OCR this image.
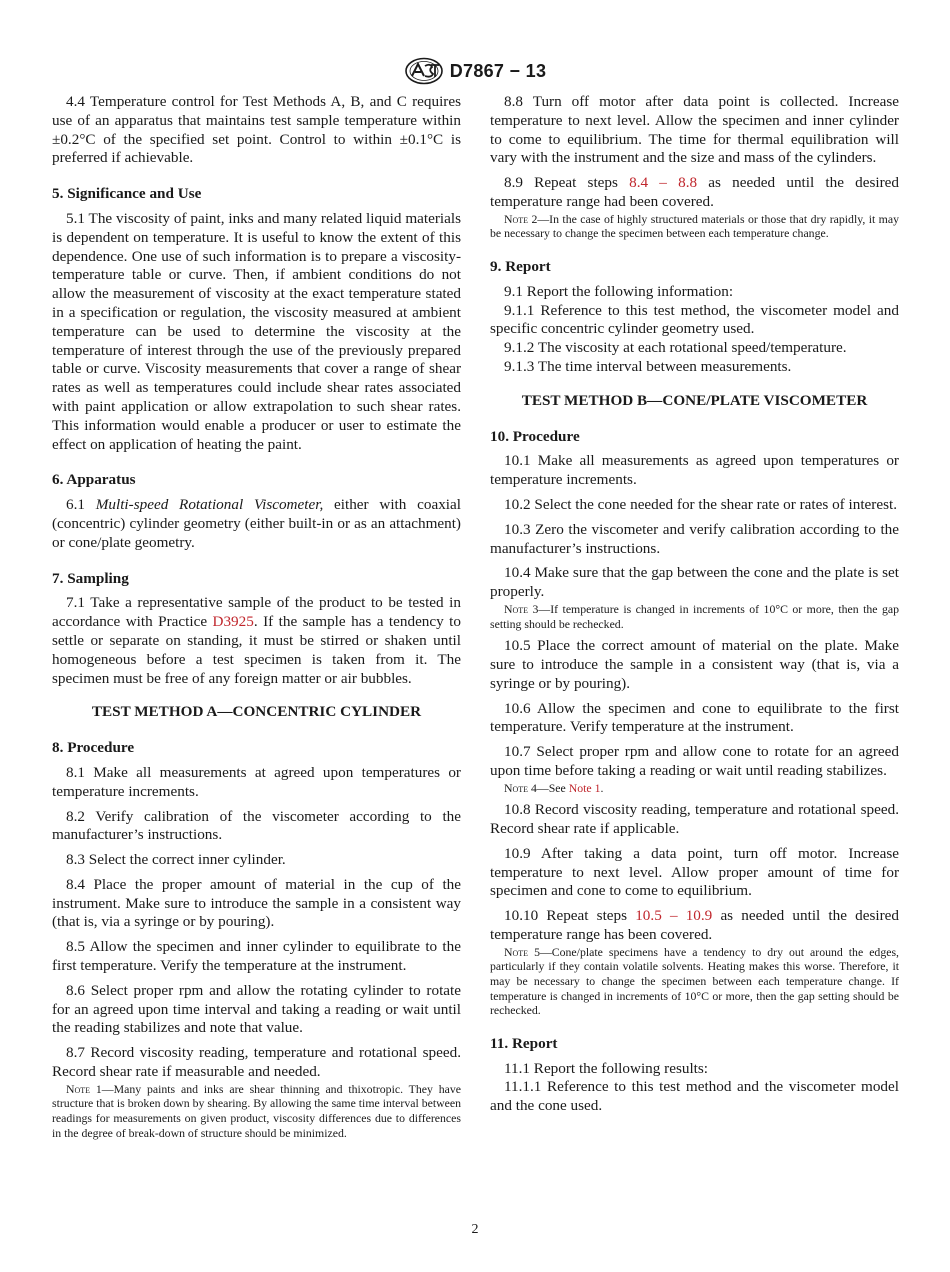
D7867 − 13

4.4 Temperature control for Test Methods A, B, and C requires use of an apparatus that maintains test sample temperature within ±0.2°C of the specified set point. Control to within ±0.1°C is preferred if achievable.

5. Significance and Use

5.1 The viscosity of paint, inks and many related liquid materials is dependent on temperature. It is useful to know the extent of this dependence. One use of such information is to prepare a viscosity-temperature table or curve. Then, if ambient conditions do not allow the measurement of viscosity at the exact temperature stated in a specification or regulation, the viscosity measured at ambient temperature can be used to determine the viscosity at the temperature of interest through the use of the previously prepared table or curve. Viscosity measurements that cover a range of shear rates as well as temperatures could include shear rates associated with paint application or allow extrapolation to such shear rates. This information would enable a producer or user to estimate the effect on application of heating the paint.

6. Apparatus

6.1 Multi-speed Rotational Viscometer, either with coaxial (concentric) cylinder geometry (either built-in or as an attachment) or cone/plate geometry.

7. Sampling

7.1 Take a representative sample of the product to be tested in accordance with Practice D3925. If the sample has a tendency to settle or separate on standing, it must be stirred or shaken until homogeneous before a test specimen is taken from it. The specimen must be free of any foreign matter or air bubbles.

TEST METHOD A—CONCENTRIC CYLINDER

8. Procedure

8.1 Make all measurements at agreed upon temperatures or temperature increments.

8.2 Verify calibration of the viscometer according to the manufacturer’s instructions.

8.3 Select the correct inner cylinder.

8.4 Place the proper amount of material in the cup of the instrument. Make sure to introduce the sample in a consistent way (that is, via a syringe or by pouring).

8.5 Allow the specimen and inner cylinder to equilibrate to the first temperature. Verify the temperature at the instrument.

8.6 Select proper rpm and allow the rotating cylinder to rotate for an agreed upon time interval and taking a reading or wait until the reading stabilizes and note that value.

8.7 Record viscosity reading, temperature and rotational speed. Record shear rate if measurable and needed.

Note 1—Many paints and inks are shear thinning and thixotropic. They have structure that is broken down by shearing. By allowing the same time interval between readings for measurements on given product, viscosity differences due to differences in the degree of break-down of structure should be minimized.

8.8 Turn off motor after data point is collected. Increase temperature to next level. Allow the specimen and inner cylinder to come to equilibrium. The time for thermal equilibration will vary with the instrument and the size and mass of the cylinders.

8.9 Repeat steps 8.4 – 8.8 as needed until the desired temperature range had been covered.

Note 2—In the case of highly structured materials or those that dry rapidly, it may be necessary to change the specimen between each temperature change.

9. Report

9.1 Report the following information:

9.1.1 Reference to this test method, the viscometer model and specific concentric cylinder geometry used.

9.1.2 The viscosity at each rotational speed/temperature.

9.1.3 The time interval between measurements.

TEST METHOD B—CONE/PLATE VISCOMETER

10. Procedure

10.1 Make all measurements as agreed upon temperatures or temperature increments.

10.2 Select the cone needed for the shear rate or rates of interest.

10.3 Zero the viscometer and verify calibration according to the manufacturer’s instructions.

10.4 Make sure that the gap between the cone and the plate is set properly.

Note 3—If temperature is changed in increments of 10°C or more, then the gap setting should be rechecked.

10.5 Place the correct amount of material on the plate. Make sure to introduce the sample in a consistent way (that is, via a syringe or by pouring).

10.6 Allow the specimen and cone to equilibrate to the first temperature. Verify temperature at the instrument.

10.7 Select proper rpm and allow cone to rotate for an agreed upon time before taking a reading or wait until reading stabilizes.

Note 4—See Note 1.

10.8 Record viscosity reading, temperature and rotational speed. Record shear rate if applicable.

10.9 After taking a data point, turn off motor. Increase temperature to next level. Allow proper amount of time for specimen and cone to come to equilibrium.

10.10 Repeat steps 10.5 – 10.9 as needed until the desired temperature range has been covered.

Note 5—Cone/plate specimens have a tendency to dry out around the edges, particularly if they contain volatile solvents. Heating makes this worse. Therefore, it may be necessary to change the specimen between each temperature change. If temperature is changed in increments of 10°C or more, then the gap setting should be rechecked.

11. Report

11.1 Report the following results:

11.1.1 Reference to this test method and the viscometer model and the cone used.

2
